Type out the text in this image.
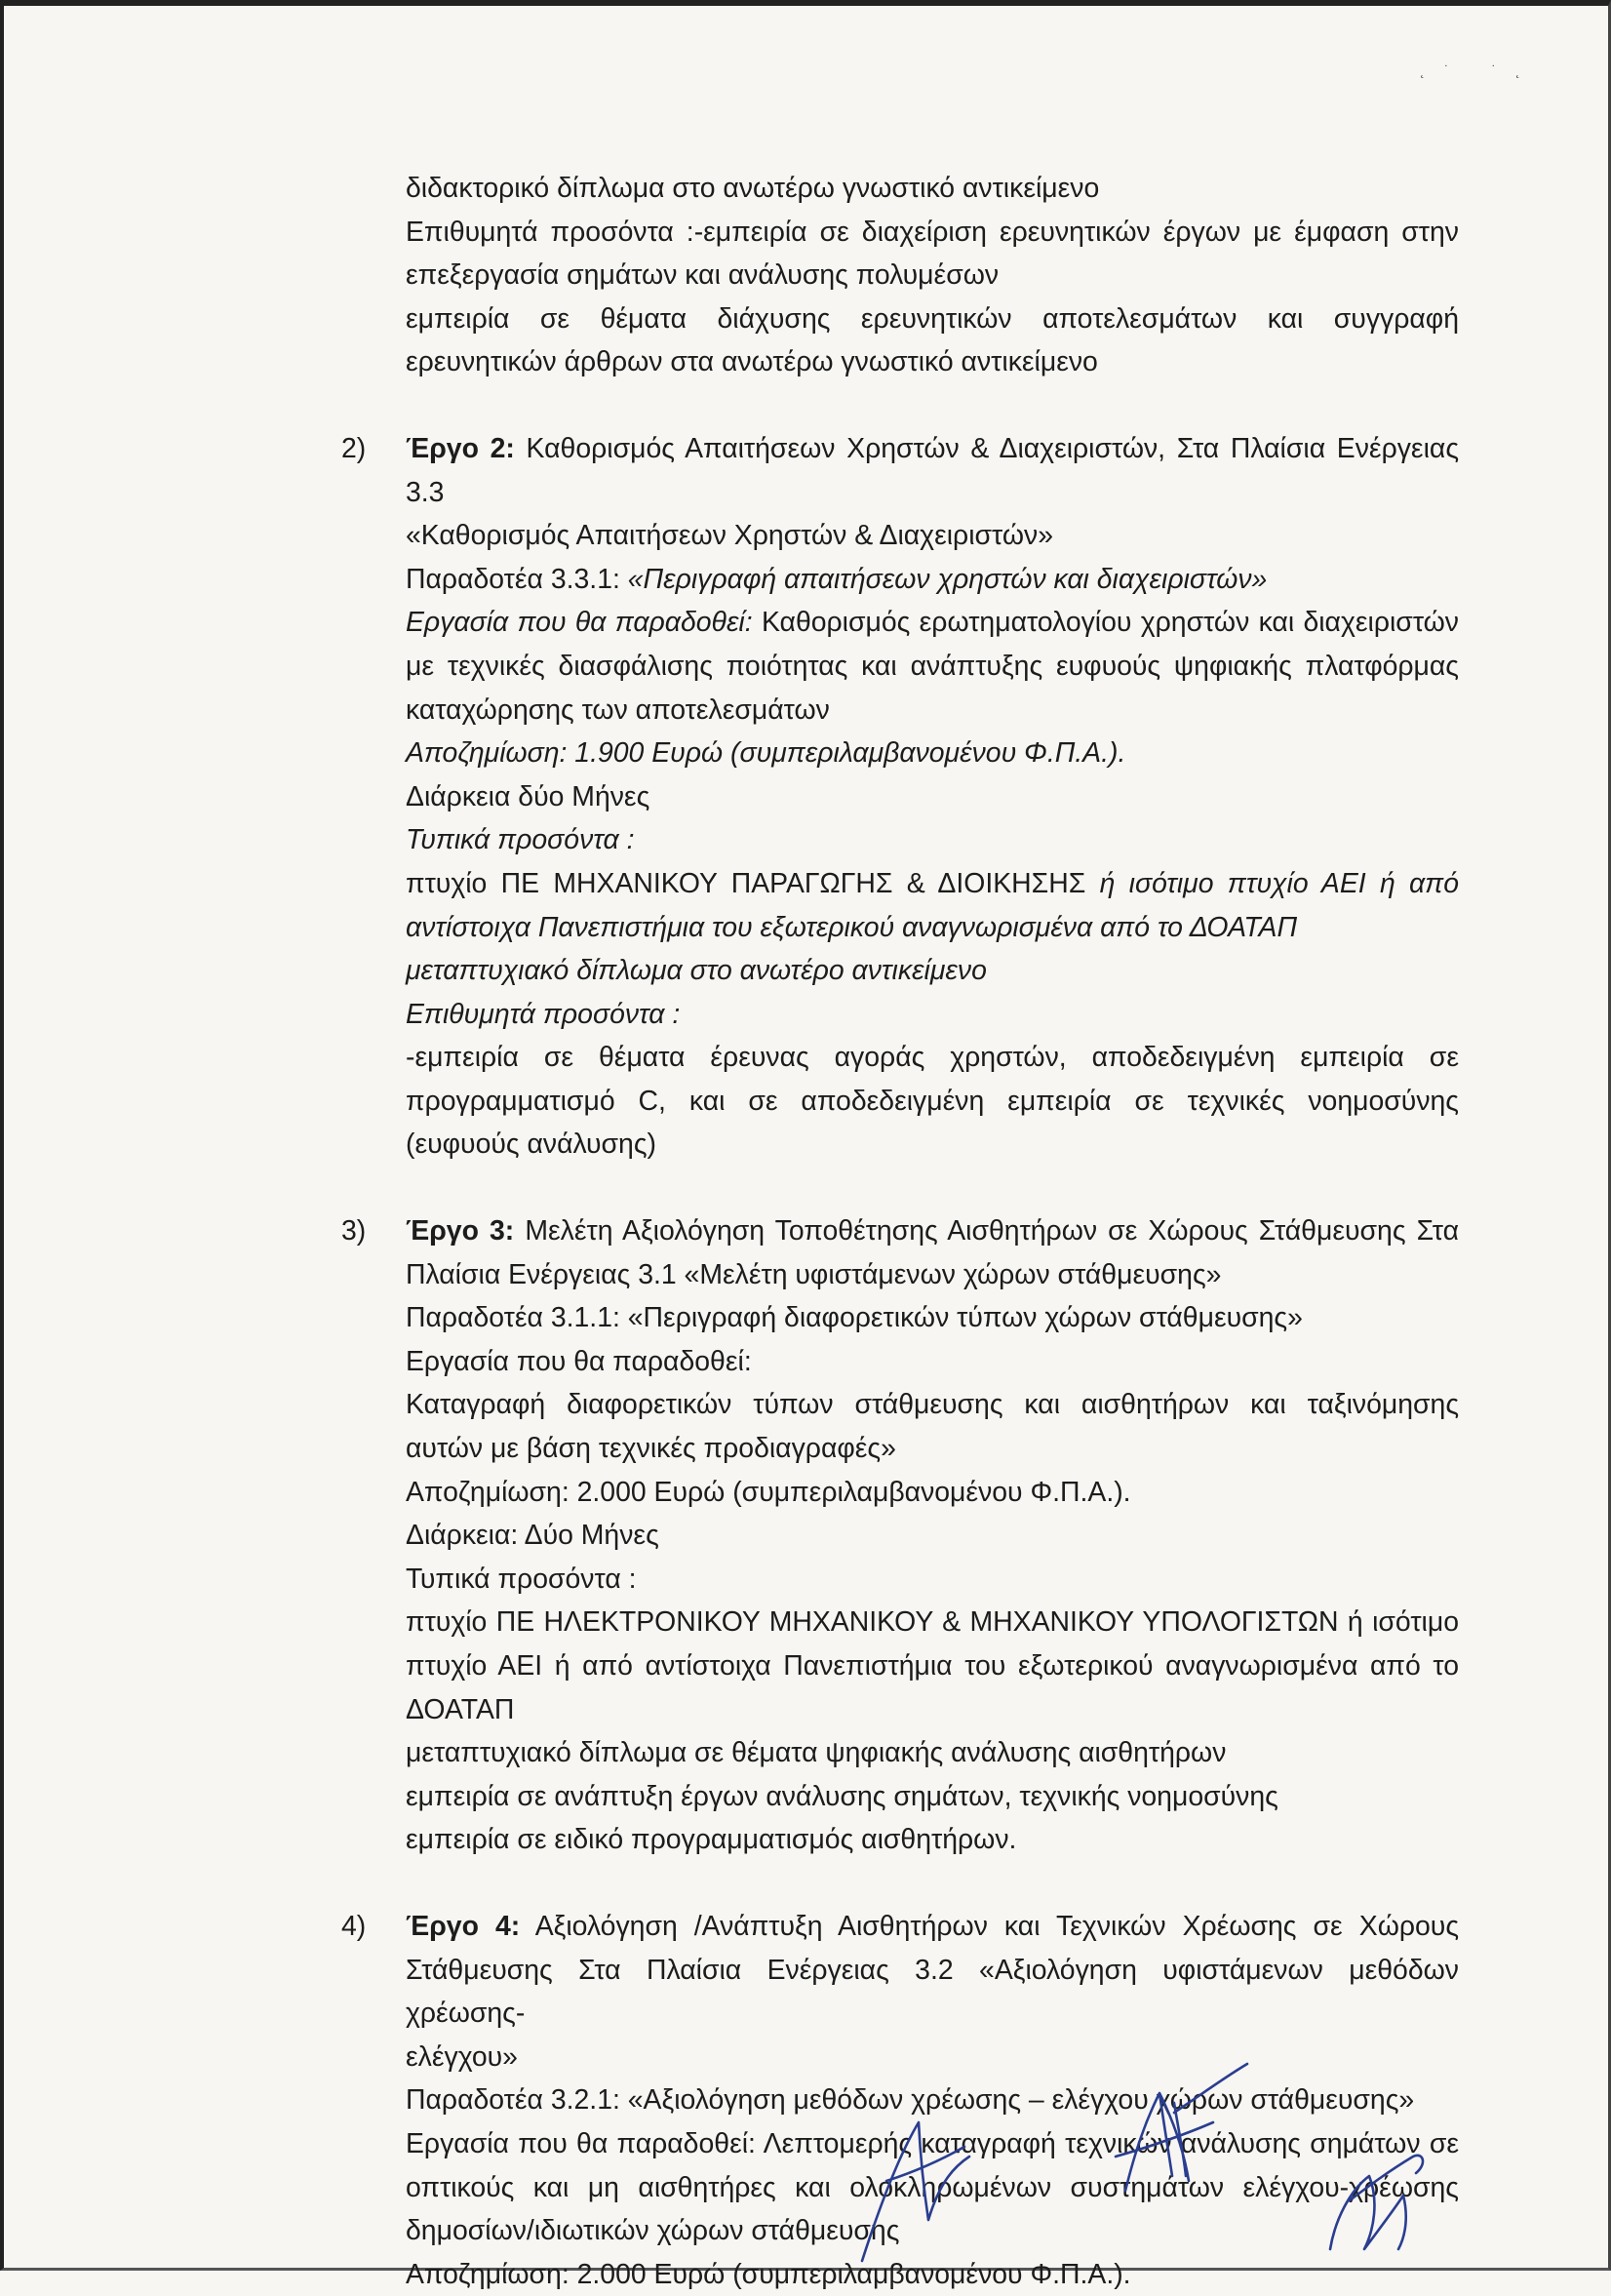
˛˙ ˙˛

διδακτορικό δίπλωμα στο ανωτέρω γνωστικό αντικείμενο

Επιθυμητά προσόντα :-εμπειρία σε διαχείριση ερευνητικών έργων με έμφαση στην

επεξεργασία σημάτων και ανάλυσης πολυμέσων

εμπειρία σε θέματα διάχυσης ερευνητικών αποτελεσμάτων και συγγραφή

ερευνητικών άρθρων στα ανωτέρω γνωστικό αντικείμενο

2) Έργο 2: Καθορισμός Απαιτήσεων Χρηστών & Διαχειριστών, Στα Πλαίσια Ενέργειας 3.3

«Καθορισμός Απαιτήσεων Χρηστών & Διαχειριστών»

Παραδοτέα 3.3.1: «Περιγραφή απαιτήσεων χρηστών και διαχειριστών»

Εργασία που θα παραδοθεί: Καθορισμός ερωτηματολογίου χρηστών και διαχειριστών

με τεχνικές διασφάλισης ποιότητας και ανάπτυξης ευφυούς ψηφιακής πλατφόρμας

καταχώρησης των αποτελεσμάτων

Αποζημίωση: 1.900 Ευρώ (συμπεριλαμβανομένου Φ.Π.Α.).

Διάρκεια δύο Μήνες

Τυπικά προσόντα :

πτυχίο ΠΕ ΜΗΧΑΝΙΚΟΥ ΠΑΡΑΓΩΓΗΣ & ΔΙΟΙΚΗΣΗΣ ή ισότιμο πτυχίο ΑΕΙ ή από

αντίστοιχα Πανεπιστήμια του εξωτερικού αναγνωρισμένα από το ΔΟΑΤΑΠ

μεταπτυχιακό δίπλωμα στο ανωτέρο αντικείμενο

Επιθυμητά προσόντα :

-εμπειρία σε θέματα έρευνας αγοράς χρηστών, αποδεδειγμένη εμπειρία σε

προγραμματισμό C, και σε αποδεδειγμένη εμπειρία σε τεχνικές νοημοσύνης

(ευφυούς ανάλυσης)

3) Έργο 3: Μελέτη Αξιολόγηση Τοποθέτησης Αισθητήρων σε Χώρους Στάθμευσης Στα

Πλαίσια Ενέργειας 3.1 «Μελέτη υφιστάμενων χώρων στάθμευσης»

Παραδοτέα 3.1.1: «Περιγραφή διαφορετικών τύπων χώρων στάθμευσης»

Εργασία που θα παραδοθεί:

Καταγραφή διαφορετικών τύπων στάθμευσης και αισθητήρων και ταξινόμησης

αυτών με βάση τεχνικές προδιαγραφές»

Αποζημίωση: 2.000 Ευρώ (συμπεριλαμβανομένου Φ.Π.Α.).

Διάρκεια: Δύο Μήνες

Τυπικά προσόντα :

πτυχίο ΠΕ ΗΛΕΚΤΡΟΝΙΚΟΥ ΜΗΧΑΝΙΚΟΥ & ΜΗΧΑΝΙΚΟΥ ΥΠΟΛΟΓΙΣΤΩΝ ή ισότιμο

πτυχίο ΑΕΙ ή από αντίστοιχα Πανεπιστήμια του εξωτερικού αναγνωρισμένα από το

ΔΟΑΤΑΠ

μεταπτυχιακό δίπλωμα σε θέματα ψηφιακής ανάλυσης αισθητήρων

εμπειρία σε ανάπτυξη έργων ανάλυσης σημάτων, τεχνικής νοημοσύνης

εμπειρία σε ειδικό προγραμματισμός αισθητήρων.

4) Έργο 4: Αξιολόγηση /Ανάπτυξη Αισθητήρων και Τεχνικών Χρέωσης σε Χώρους

Στάθμευσης Στα Πλαίσια Ενέργειας 3.2 «Αξιολόγηση υφιστάμενων μεθόδων χρέωσης-

ελέγχου»

Παραδοτέα 3.2.1: «Αξιολόγηση μεθόδων χρέωσης – ελέγχου χώρων στάθμευσης»

Εργασία που θα παραδοθεί: Λεπτομερής καταγραφή τεχνικών ανάλυσης σημάτων σε

οπτικούς και μη αισθητήρες και ολοκληρωμένων συστημάτων ελέγχου-χρέωσης

δημοσίων/ιδιωτικών χώρων στάθμευσης

Αποζημίωση: 2.000 Ευρώ (συμπεριλαμβανομένου Φ.Π.Α.).
